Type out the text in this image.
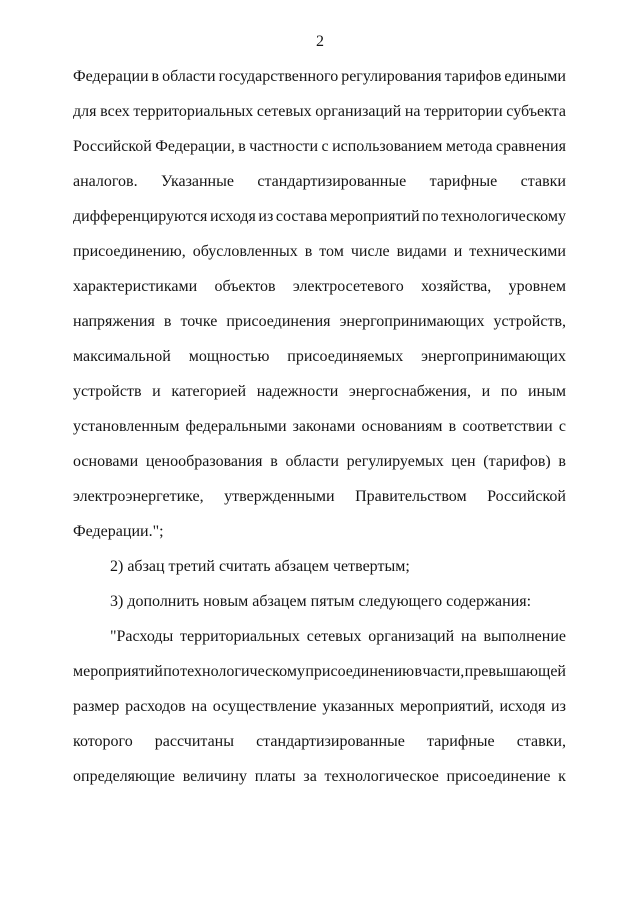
2
Федерации в области государственного регулирования тарифов едиными
для всех территориальных сетевых организаций на территории субъекта
Российской Федерации, в частности с использованием метода сравнения
аналогов. Указанные стандартизированные тарифные ставки
дифференцируются исходя из состава мероприятий по технологическому
присоединению, обусловленных в том числе видами и техническими
характеристиками объектов электросетевого хозяйства, уровнем
напряжения в точке присоединения энергопринимающих устройств,
максимальной мощностью присоединяемых энергопринимающих
устройств и категорией надежности энергоснабжения, и по иным
установленным федеральными законами основаниям в соответствии с
основами ценообразования в области регулируемых цен (тарифов) в
электроэнергетике, утвержденными Правительством Российской
Федерации.";
2) абзац третий считать абзацем четвертым;
3) дополнить новым абзацем пятым следующего содержания:
"Расходы территориальных сетевых организаций на выполнение
мероприятий по технологическому присоединению в части, превышающей
размер расходов на осуществление указанных мероприятий, исходя из
которого рассчитаны стандартизированные тарифные ставки,
определяющие величину платы за технологическое присоединение к
